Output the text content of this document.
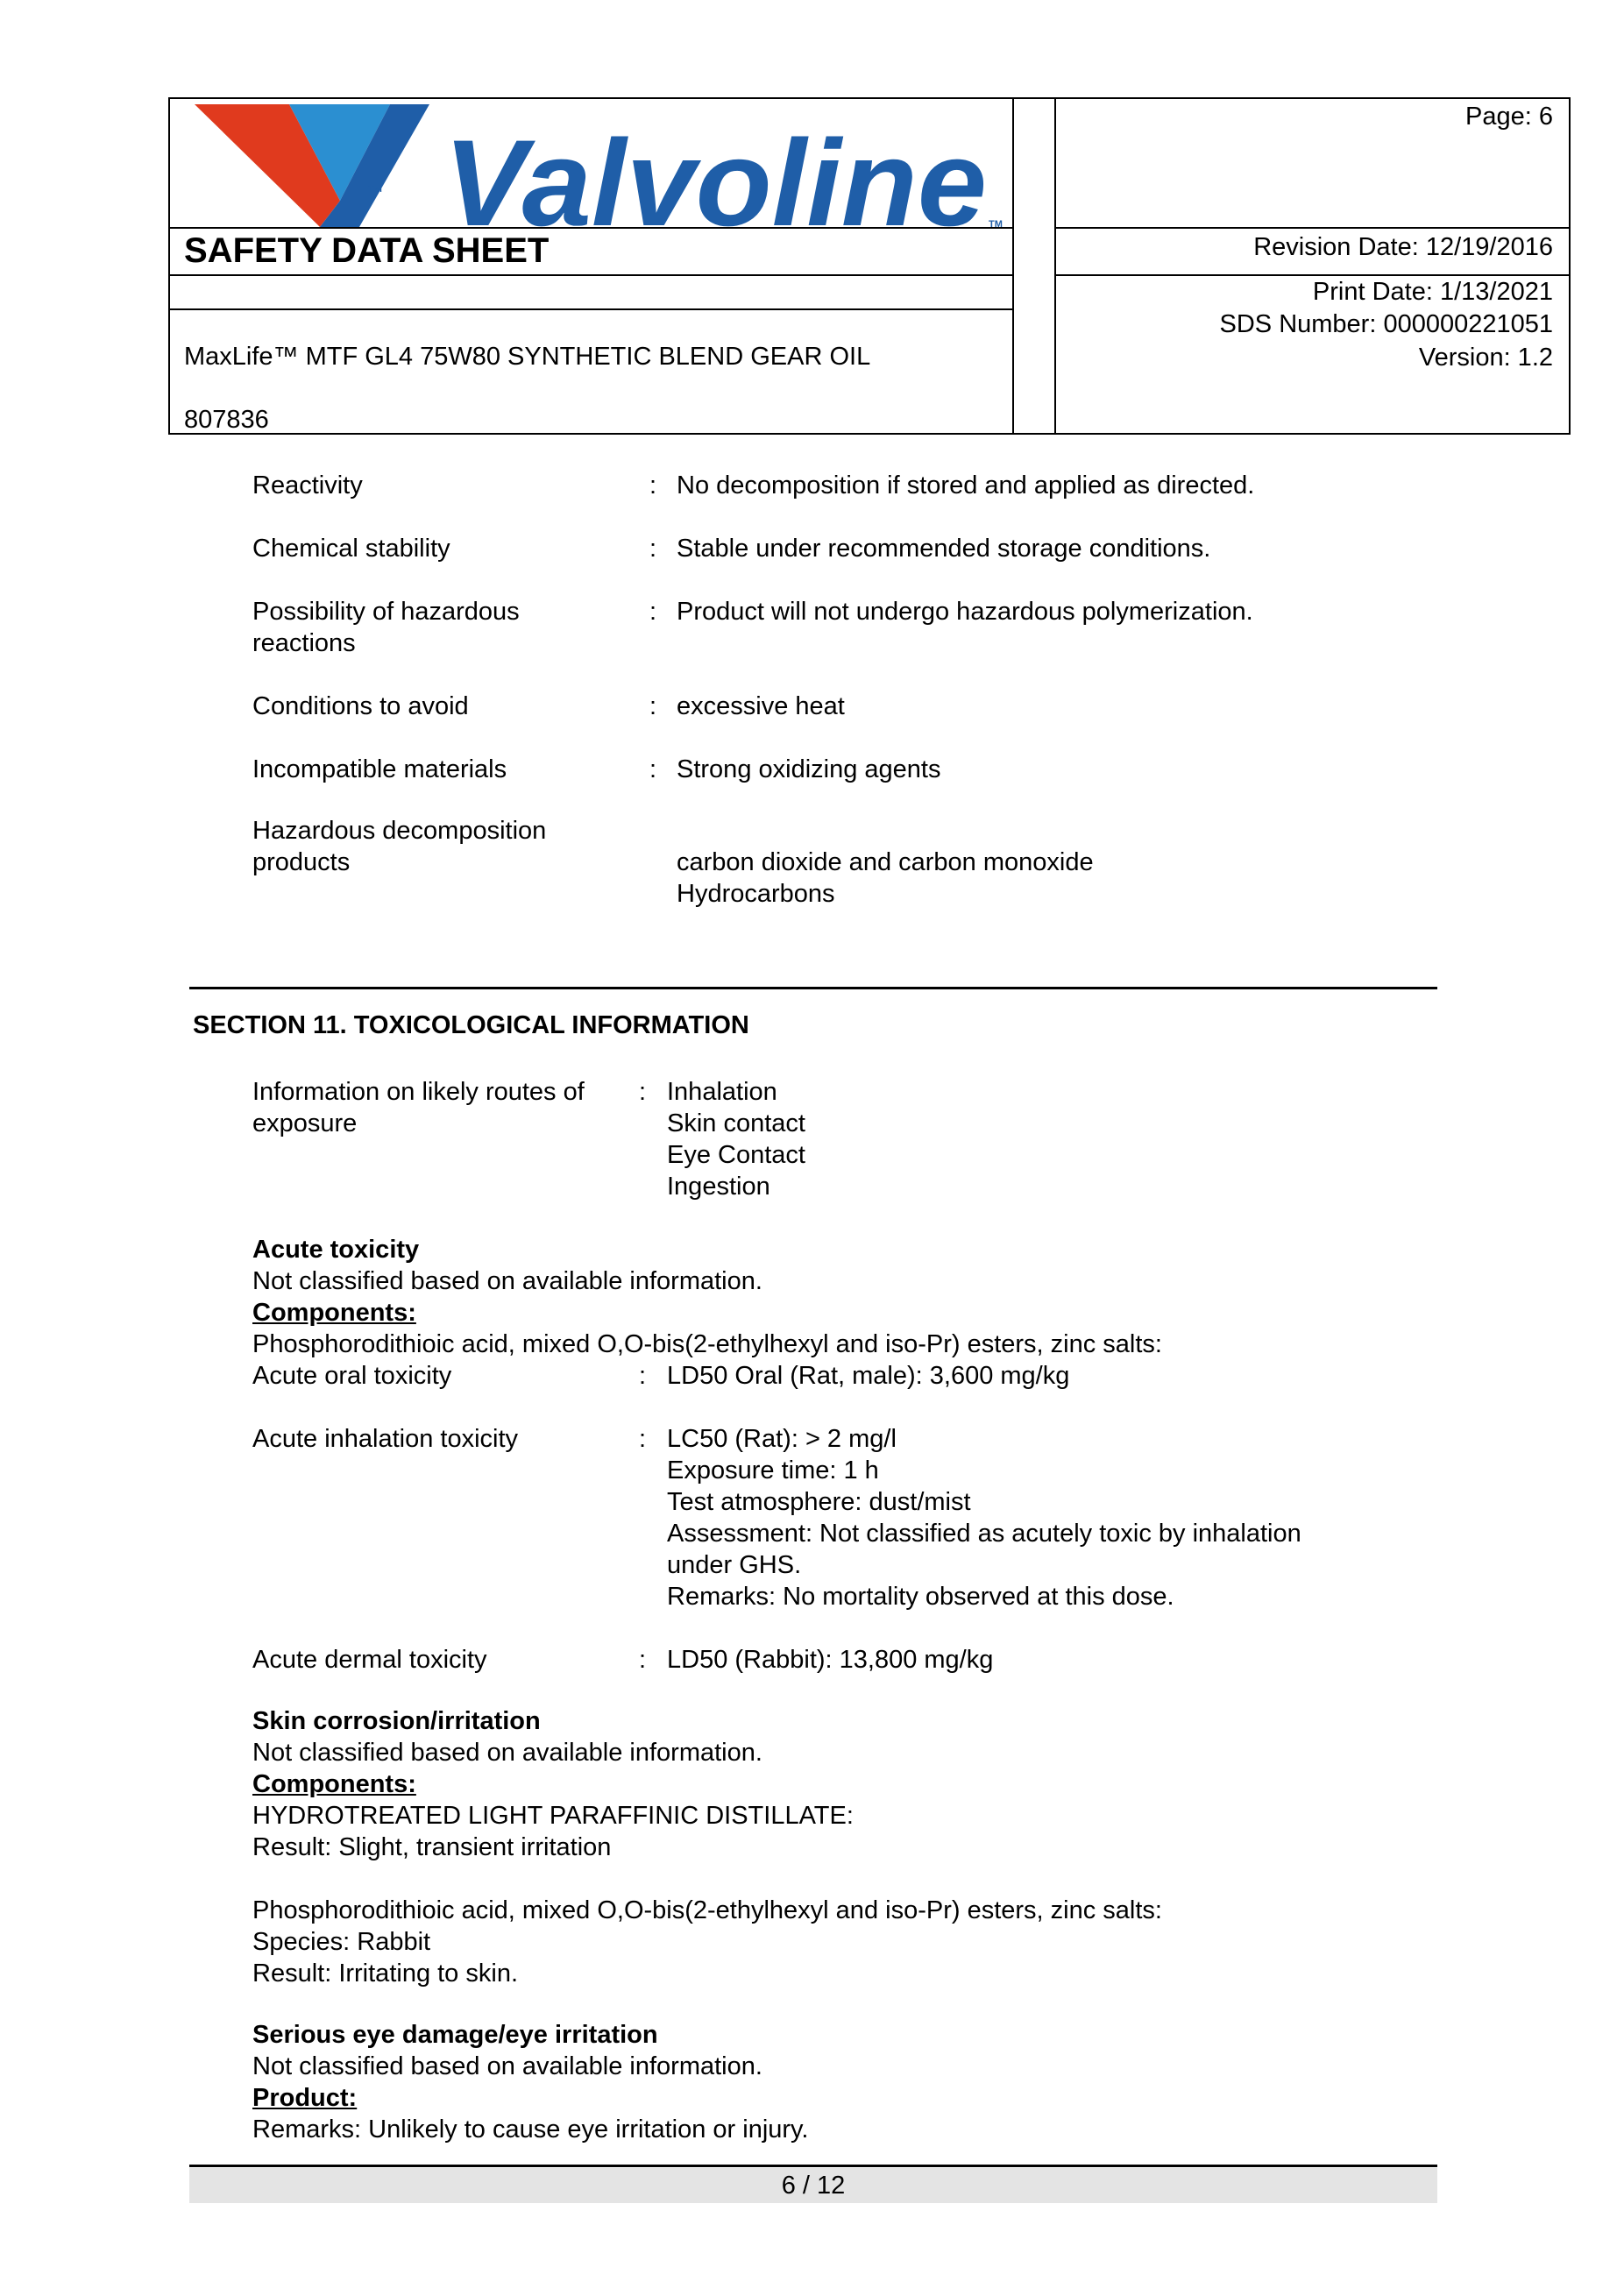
Valvoline
TM
TM
SAFETY DATA SHEET
MaxLife™ MTF GL4 75W80 SYNTHETIC BLEND GEAR OIL
807836
Page: 6
Revision Date: 12/19/2016
Print Date: 1/13/2021
SDS Number: 000000221051
Version: 1.2
Reactivity	: No decomposition if stored and applied as directed.
Chemical stability	: Stable under recommended storage conditions.
Possibility of hazardous
reactions
: Product will not undergo hazardous polymerization.
Conditions to avoid	: excessive heat
Incompatible materials	: Strong oxidizing agents
Hazardous decomposition
products	carbon dioxide and carbon monoxide
Hydrocarbons
SECTION 11. TOXICOLOGICAL INFORMATION
Information on likely routes of
exposure
: Inhalation
Skin contact
Eye Contact
Ingestion
Acute toxicity
Not classified based on available information.
Components:
Phosphorodithioic acid, mixed O,O-bis(2-ethylhexyl and iso-Pr) esters, zinc salts:
Acute oral toxicity	: LD50 Oral (Rat, male): 3,600 mg/kg
Acute inhalation toxicity	: LC50 (Rat): > 2 mg/l
Exposure time: 1 h
Test atmosphere: dust/mist
Assessment: Not classified as acutely toxic by inhalation
under GHS.
Remarks: No mortality observed at this dose.
Acute dermal toxicity	: LD50 (Rabbit): 13,800 mg/kg
Skin corrosion/irritation
Not classified based on available information.
Components:
HYDROTREATED LIGHT PARAFFINIC DISTILLATE:
Result: Slight, transient irritation
Phosphorodithioic acid, mixed O,O-bis(2-ethylhexyl and iso-Pr) esters, zinc salts:
Species: Rabbit
Result: Irritating to skin.
Serious eye damage/eye irritation
Not classified based on available information.
Product:
Remarks: Unlikely to cause eye irritation or injury.
6 / 12
